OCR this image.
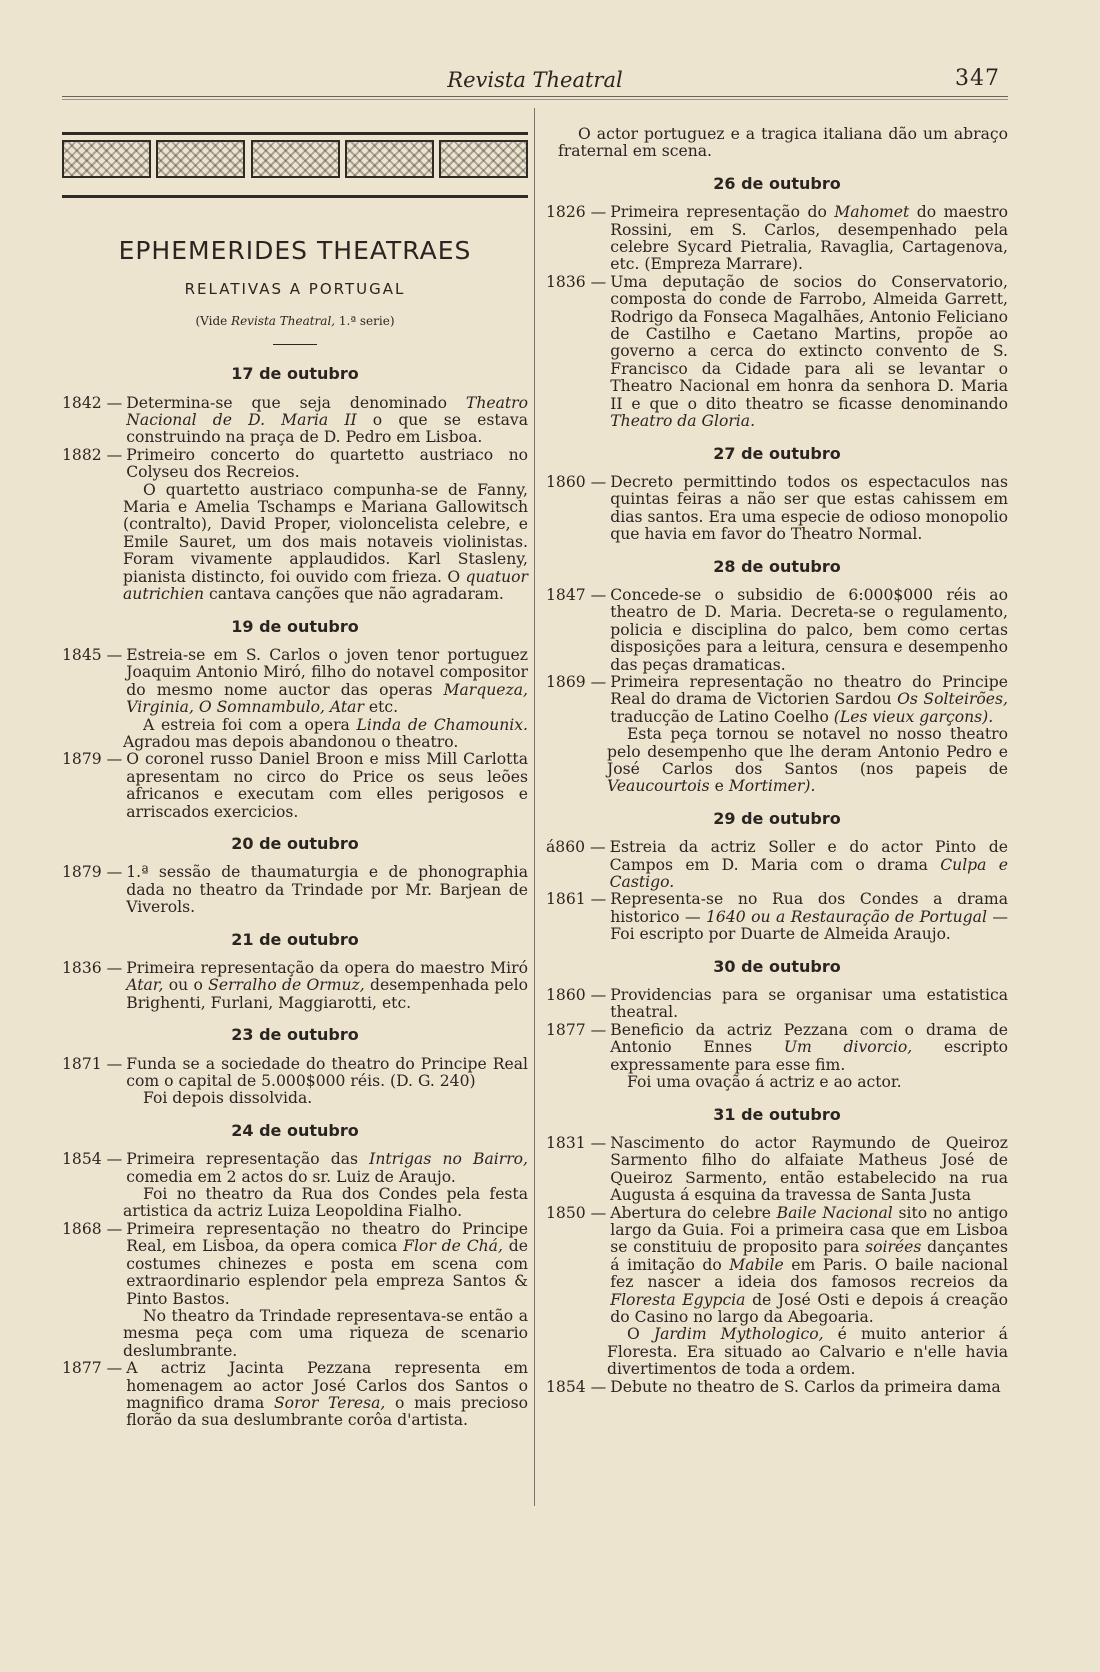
Revista Theatral	347
EPHEMERIDES THEATRAES
RELATIVAS A PORTUGAL
(Vide Revista Theatral, 1.ª serie)
17 de outubro
1842 — Determina-se que seja denominado Theatro Nacional de D. Maria II o que se estava construindo na praça de D. Pedro em Lisboa.
1882 — Primeiro concerto do quartetto austriaco no Colyseu dos Recreios.
O quartetto austriaco compunha-se de Fanny, Maria e Amelia Tschamps e Mariana Gallowitsch (contralto), David Proper, violoncelista celebre, e Emile Sauret, um dos mais notaveis violinistas. Foram vivamente applaudidos. Karl Stasleny, pianista distincto, foi ouvido com frieza. O quatuor autrichien cantava canções que não agradaram.
19 de outubro
1845 — Estreia-se em S. Carlos o joven tenor portuguez Joaquim Antonio Miró, filho do notavel compositor do mesmo nome auctor das operas Marqueza, Virginia, O Somnambulo, Atar etc.
A estreia foi com a opera Linda de Chamounix. Agradou mas depois abandonou o theatro.
1879 — O coronel russo Daniel Broon e miss Mill Carlotta apresentam no circo do Price os seus leões africanos e executam com elles perigosos e arriscados exercicios.
20 de outubro
1879 — 1.ª sessão de thaumaturgia e de phonographia dada no theatro da Trindade por Mr. Barjean de Viverols.
21 de outubro
1836 — Primeira representação da opera do maestro Miró Atar, ou o Serralho de Ormuz, desempenhada pelo Brighenti, Furlani, Maggiarotti, etc.
23 de outubro
1871 — Funda se a sociedade do theatro do Principe Real com o capital de 5.000$000 réis. (D. G. 240)
Foi depois dissolvida.
24 de outubro
1854 — Primeira representação das Intrigas no Bairro, comedia em 2 actos do sr. Luiz de Araujo.
Foi no theatro da Rua dos Condes pela festa artistica da actriz Luiza Leopoldina Fialho.
1868 — Primeira representação no theatro do Principe Real, em Lisboa, da opera comica Flor de Chá, de costumes chinezes e posta em scena com extraordinario esplendor pela empreza Santos & Pinto Bastos.
No theatro da Trindade representava-se então a mesma peça com uma riqueza de scenario deslumbrante.
1877 — A actriz Jacinta Pezzana representa em homenagem ao actor José Carlos dos Santos o magnifico drama Soror Teresa, o mais precioso florão da sua deslumbrante corôa d'artista.
O actor portuguez e a tragica italiana dão um abraço fraternal em scena.
26 de outubro
1826 — Primeira representação do Mahomet do maestro Rossini, em S. Carlos, desempenhado pela celebre Sycard Pietralia, Ravaglia, Cartagenova, etc. (Empreza Marrare).
1836 — Uma deputação de socios do Conservatorio, composta do conde de Farrobo, Almeida Garrett, Rodrigo da Fonseca Magalhães, Antonio Feliciano de Castilho e Caetano Martins, propõe ao governo a cerca do extincto convento de S. Francisco da Cidade para ali se levantar o Theatro Nacional em honra da senhora D. Maria II e que o dito theatro se ficasse denominando Theatro da Gloria.
27 de outubro
1860 — Decreto permittindo todos os espectaculos nas quintas feiras a não ser que estas cahissem em dias santos. Era uma especie de odioso monopolio que havia em favor do Theatro Normal.
28 de outubro
1847 — Concede-se o subsidio de 6:000$000 réis ao theatro de D. Maria. Decreta-se o regulamento, policia e disciplina do palco, bem como certas disposições para a leitura, censura e desempenho das peças dramaticas.
1869 — Primeira representação no theatro do Principe Real do drama de Victorien Sardou Os Solteirões, traducção de Latino Coelho (Les vieux garçons).
Esta peça tornou se notavel no nosso theatro pelo desempenho que lhe deram Antonio Pedro e José Carlos dos Santos (nos papeis de Veaucourtois e Mortimer).
29 de outubro
á860 — Estreia da actriz Soller e do actor Pinto de Campos em D. Maria com o drama Culpa e Castigo.
1861 — Representa-se no Rua dos Condes a drama historico — 1640 ou a Restauração de Portugal — Foi escripto por Duarte de Almeida Araujo.
30 de outubro
1860 — Providencias para se organisar uma estatistica theatral.
1877 — Beneficio da actriz Pezzana com o drama de Antonio Ennes Um divorcio, escripto expressamente para esse fim.
Foi uma ovação á actriz e ao actor.
31 de outubro
1831 — Nascimento do actor Raymundo de Queiroz Sarmento filho do alfaiate Matheus José de Queiroz Sarmento, então estabelecido na rua Augusta á esquina da travessa de Santa Justa
1850 — Abertura do celebre Baile Nacional sito no antigo largo da Guia. Foi a primeira casa que em Lisboa se constituiu de proposito para soirées dançantes á imitação do Mabile em Paris. O baile nacional fez nascer a ideia dos famosos recreios da Floresta Egypcia de José Osti e depois á creação do Casino no largo da Abegoaria.
O Jardim Mythologico, é muito anterior á Floresta. Era situado ao Calvario e n'elle havia divertimentos de toda a ordem.
1854 — Debute no theatro de S. Carlos da primeira dama
